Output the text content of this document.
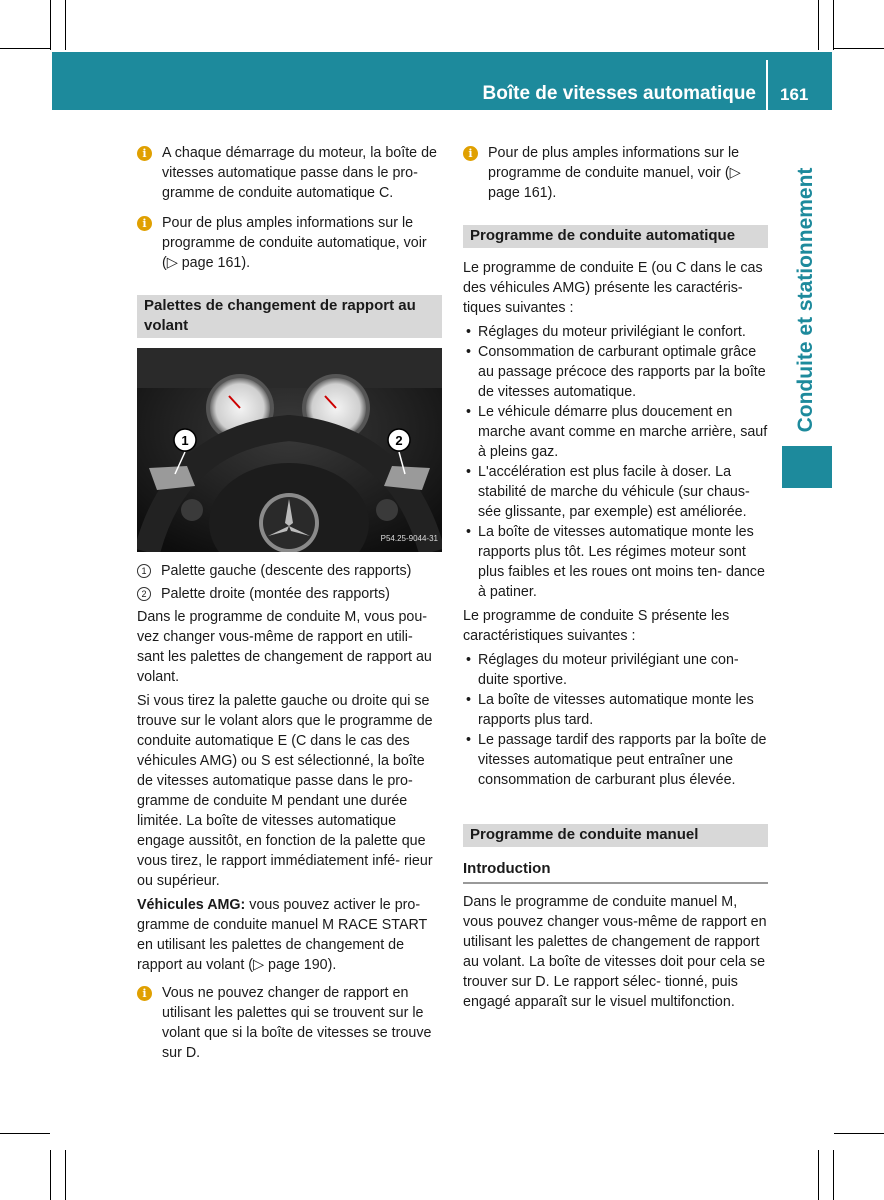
Boîte de vitesses automatique 161
Conduite et stationnement
i	A chaque démarrage du moteur, la boîte de vitesses automatique passe dans le pro- gramme de conduite automatique C.
i	Pour de plus amples informations sur le programme de conduite automatique, voir (▷ page 161).
Palettes de changement de rapport au volant
1	2
P54.25-9044-31
1	Palette gauche (descente des rapports)
2	Palette droite (montée des rapports)

Dans le programme de conduite M, vous pou- vez changer vous-même de rapport en utili- sant les palettes de changement de rapport au volant.

Si vous tirez la palette gauche ou droite qui se trouve sur le volant alors que le programme de conduite automatique E (C dans le cas des véhicules AMG) ou S est sélectionné, la boîte de vitesses automatique passe dans le pro- gramme de conduite M pendant une durée limitée. La boîte de vitesses automatique engage aussitôt, en fonction de la palette que vous tirez, le rapport immédiatement infé- rieur ou supérieur.

Véhicules AMG: vous pouvez activer le pro- gramme de conduite manuel M RACE START en utilisant les palettes de changement de rapport au volant (▷ page 190).

i	Vous ne pouvez changer de rapport en utilisant les palettes qui se trouvent sur le volant que si la boîte de vitesses se trouve sur D.
i	Pour de plus amples informations sur le programme de conduite manuel, voir (▷ page 161).
Programme de conduite automatique

Le programme de conduite E (ou C dans le cas des véhicules AMG) présente les caractéris- tiques suivantes :

• Réglages du moteur privilégiant le confort.
• Consommation de carburant optimale grâce au passage précoce des rapports par la boîte de vitesses automatique.
• Le véhicule démarre plus doucement en marche avant comme en marche arrière, sauf à pleins gaz.
• L'accélération est plus facile à doser. La stabilité de marche du véhicule (sur chaus- sée glissante, par exemple) est améliorée.
• La boîte de vitesses automatique monte les rapports plus tôt. Les régimes moteur sont plus faibles et les roues ont moins ten- dance à patiner.

Le programme de conduite S présente les caractéristiques suivantes :

• Réglages du moteur privilégiant une con- duite sportive.
• La boîte de vitesses automatique monte les rapports plus tard.
• Le passage tardif des rapports par la boîte de vitesses automatique peut entraîner une consommation de carburant plus élevée.
Programme de conduite manuel
Introduction

Dans le programme de conduite manuel M, vous pouvez changer vous-même de rapport en utilisant les palettes de changement de rapport au volant. La boîte de vitesses doit pour cela se trouver sur D. Le rapport sélec- tionné, puis engagé apparaît sur le visuel multifonction.
